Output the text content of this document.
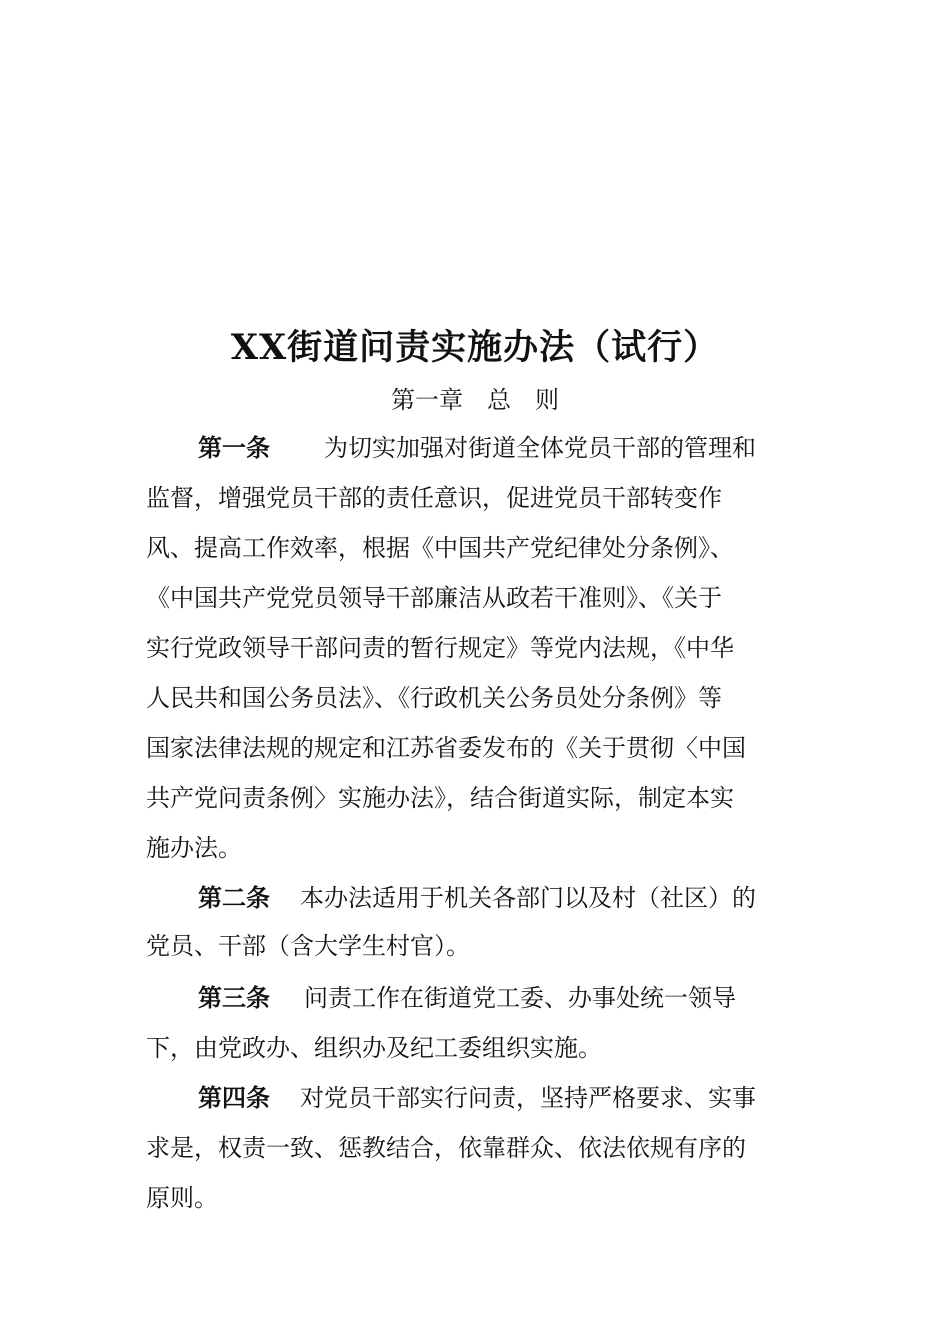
XX街道问责实施办法（试行）
第一章　总　则
第一条 为切实加强对街道全体党员干部的管理和
监督，增强党员干部的责任意识，促进党员干部转变作
风、提高工作效率，根据《中国共产党纪律处分条例》、
《中国共产党党员领导干部廉洁从政若干准则》、《关于
实行党政领导干部问责的暂行规定》等党内法规，《中华
人民共和国公务员法》、《行政机关公务员处分条例》等
国家法律法规的规定和江苏省委发布的《关于贯彻〈中国
共产党问责条例〉实施办法》，结合街道实际，制定本实
施办法。
第二条 本办法适用于机关各部门以及村（社区）的
党员、干部（含大学生村官）。
第三条 问责工作在街道党工委、办事处统一领导
下，由党政办、组织办及纪工委组织实施。
第四条 对党员干部实行问责，坚持严格要求、实事
求是，权责一致、惩教结合，依靠群众、依法依规有序的
原则。
